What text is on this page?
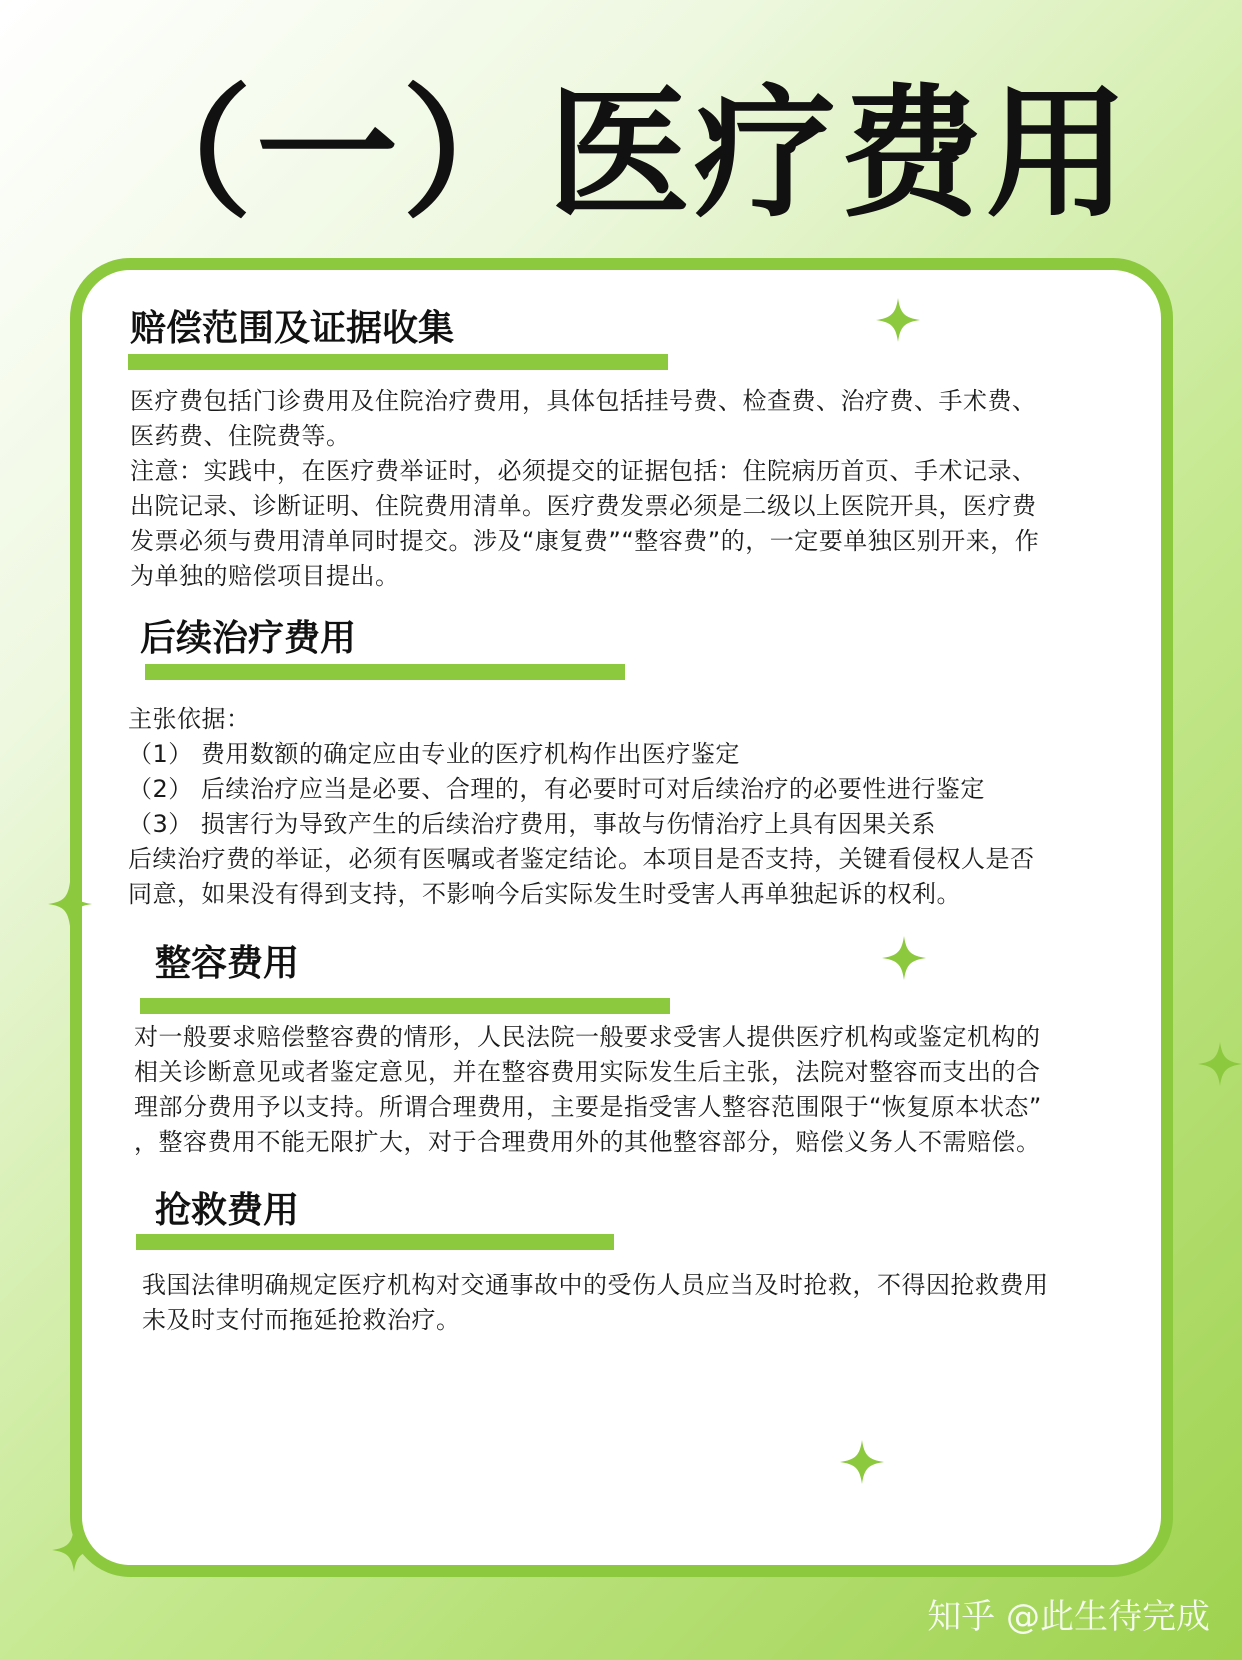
（一）医疗费用
赔偿范围及证据收集
医疗费包括门诊费用及住院治疗费用，具体包括挂号费、检查费、治疗费、手术费、
医药费、住院费等。
注意：实践中，在医疗费举证时，必须提交的证据包括：住院病历首页、手术记录、
出院记录、诊断证明、住院费用清单。医疗费发票必须是二级以上医院开具，医疗费
发票必须与费用清单同时提交。涉及“康复费”“整容费”的，一定要单独区别开来，作
为单独的赔偿项目提出。
后续治疗费用
主张依据：
（1） 费用数额的确定应由专业的医疗机构作出医疗鉴定
（2） 后续治疗应当是必要、合理的，有必要时可对后续治疗的必要性进行鉴定
（3） 损害行为导致产生的后续治疗费用，事故与伤情治疗上具有因果关系
后续治疗费的举证，必须有医嘱或者鉴定结论。本项目是否支持，关键看侵权人是否
同意，如果没有得到支持，不影响今后实际发生时受害人再单独起诉的权利。
整容费用
对一般要求赔偿整容费的情形，人民法院一般要求受害人提供医疗机构或鉴定机构的
相关诊断意见或者鉴定意见，并在整容费用实际发生后主张，法院对整容而支出的合
理部分费用予以支持。所谓合理费用，主要是指受害人整容范围限于“恢复原本状态”
，整容费用不能无限扩大，对于合理费用外的其他整容部分，赔偿义务人不需赔偿。
抢救费用
我国法律明确规定医疗机构对交通事故中的受伤人员应当及时抢救，不得因抢救费用
未及时支付而拖延抢救治疗。
知乎 @此生待完成
